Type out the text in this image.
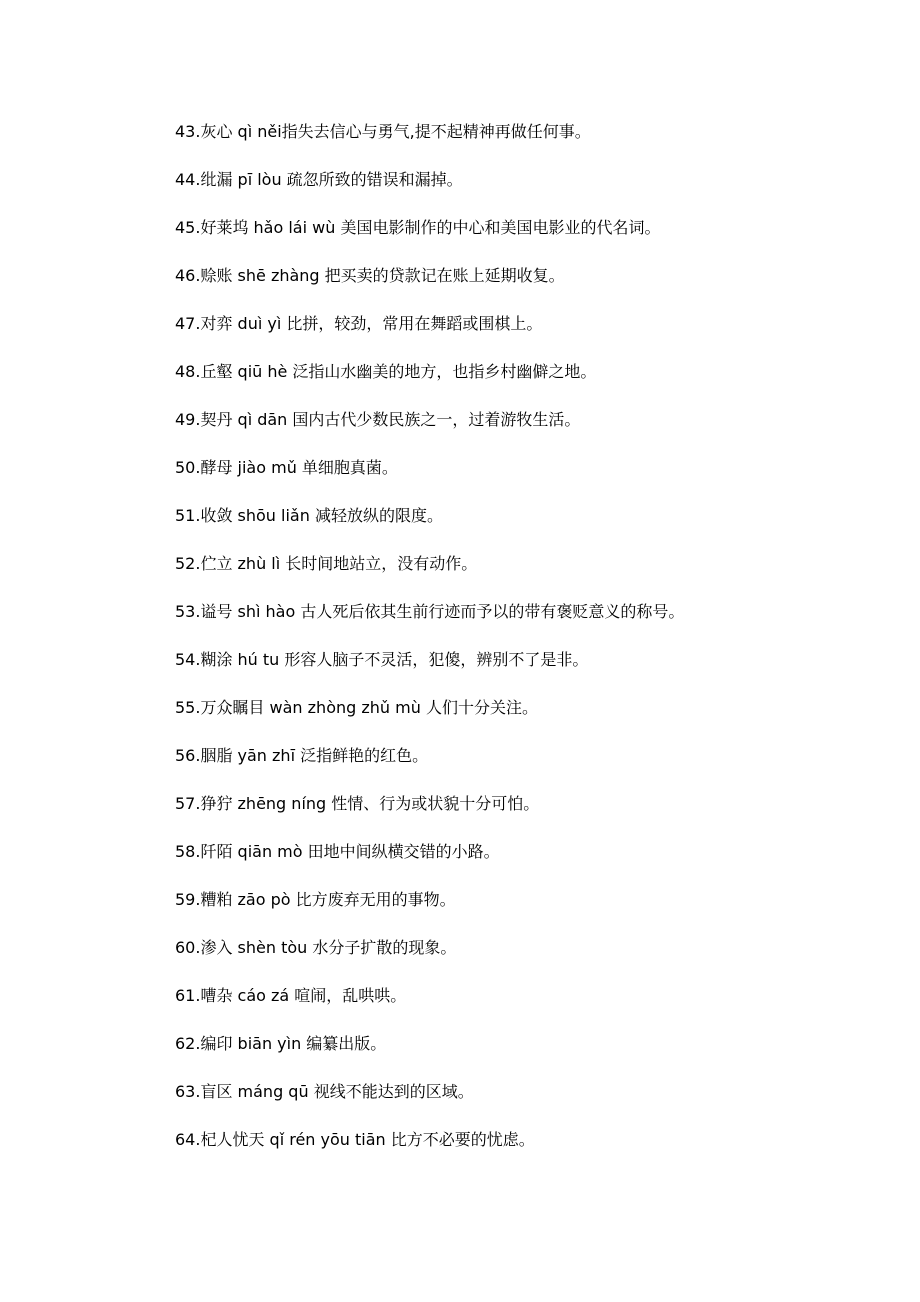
43.灰心 qì něi指失去信心与勇气,提不起精神再做任何事。
44.纰漏 pī lòu 疏忽所致的错误和漏掉。
45.好莱坞 hǎo lái wù 美国电影制作的中心和美国电影业的代名词。
46.赊账 shē zhàng 把买卖的贷款记在账上延期收复。
47.对弈 duì yì 比拼，较劲，常用在舞蹈或围棋上。
48.丘壑 qiū hè 泛指山水幽美的地方，也指乡村幽僻之地。
49.契丹 qì dān 国内古代少数民族之一，过着游牧生活。
50.酵母 jiào mǔ 单细胞真菌。
51.收敛 shōu liǎn 减轻放纵的限度。
52.伫立 zhù lì 长时间地站立，没有动作。
53.谥号 shì hào 古人死后依其生前行迹而予以的带有褒贬意义的称号。
54.糊涂 hú tu 形容人脑子不灵活，犯傻，辨别不了是非。
55.万众瞩目 wàn zhòng zhǔ mù 人们十分关注。
56.胭脂 yān zhī 泛指鲜艳的红色。
57.狰狞 zhēng níng 性情、行为或状貌十分可怕。
58.阡陌 qiān mò 田地中间纵横交错的小路。
59.糟粕 zāo pò 比方废弃无用的事物。
60.渗入 shèn tòu 水分子扩散的现象。
61.嘈杂 cáo zá 喧闹，乱哄哄。
62.编印 biān yìn 编纂出版。
63.盲区 máng qū 视线不能达到的区域。
64.杞人忧天 qǐ rén yōu tiān 比方不必要的忧虑。
